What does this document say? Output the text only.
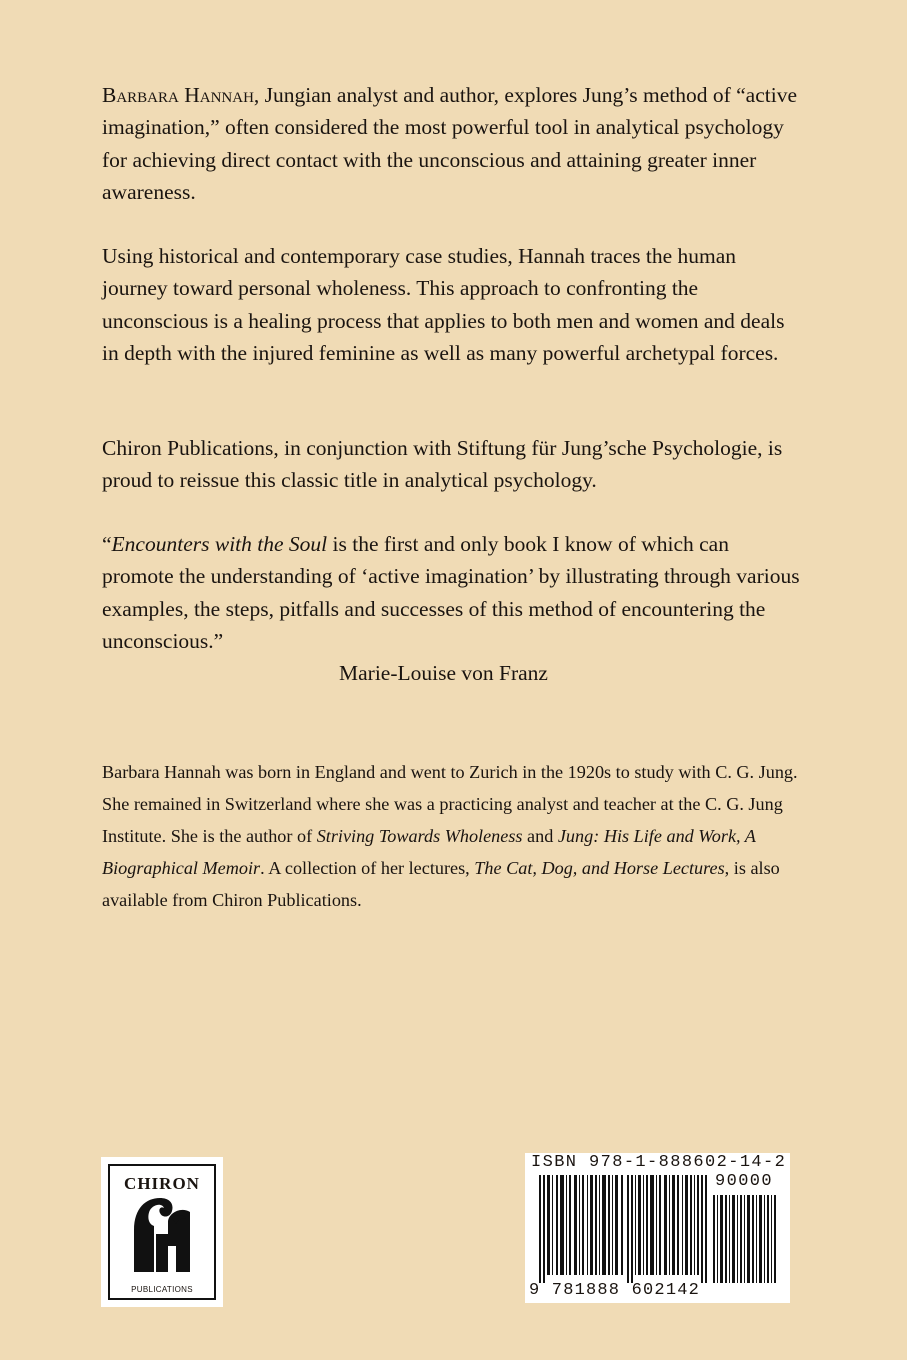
Barbara Hannah, Jungian analyst and author, explores Jung’s method of “active imagination,” often considered the most powerful tool in analytical psychology for achieving direct contact with the unconscious and attaining greater inner awareness.

Using historical and contemporary case studies, Hannah traces the human journey toward personal wholeness. This approach to confronting the unconscious is a healing process that applies to both men and women and deals in depth with the injured feminine as well as many powerful archetypal forces.

Chiron Publications, in conjunction with Stiftung für Jung’sche Psychologie, is proud to reissue this classic title in analytical psychology.

“Encounters with the Soul is the first and only book I know of which can promote the understanding of ‘active imagination’ by illustrating through various examples, the steps, pitfalls and successes of this method of encountering the unconscious.”

Marie-Louise von Franz

Barbara Hannah was born in England and went to Zurich in the 1920s to study with C. G. Jung. She remained in Switzerland where she was a practicing analyst and teacher at the C. G. Jung Institute. She is the author of Striving Towards Wholeness and Jung: His Life and Work, A Biographical Memoir. A collection of her lectures, The Cat, Dog, and Horse Lectures, is also available from Chiron Publications.

CHIRON
PUBLICATIONS
ISBN 978-1-888602-14-2
90000
9 781888 602142
